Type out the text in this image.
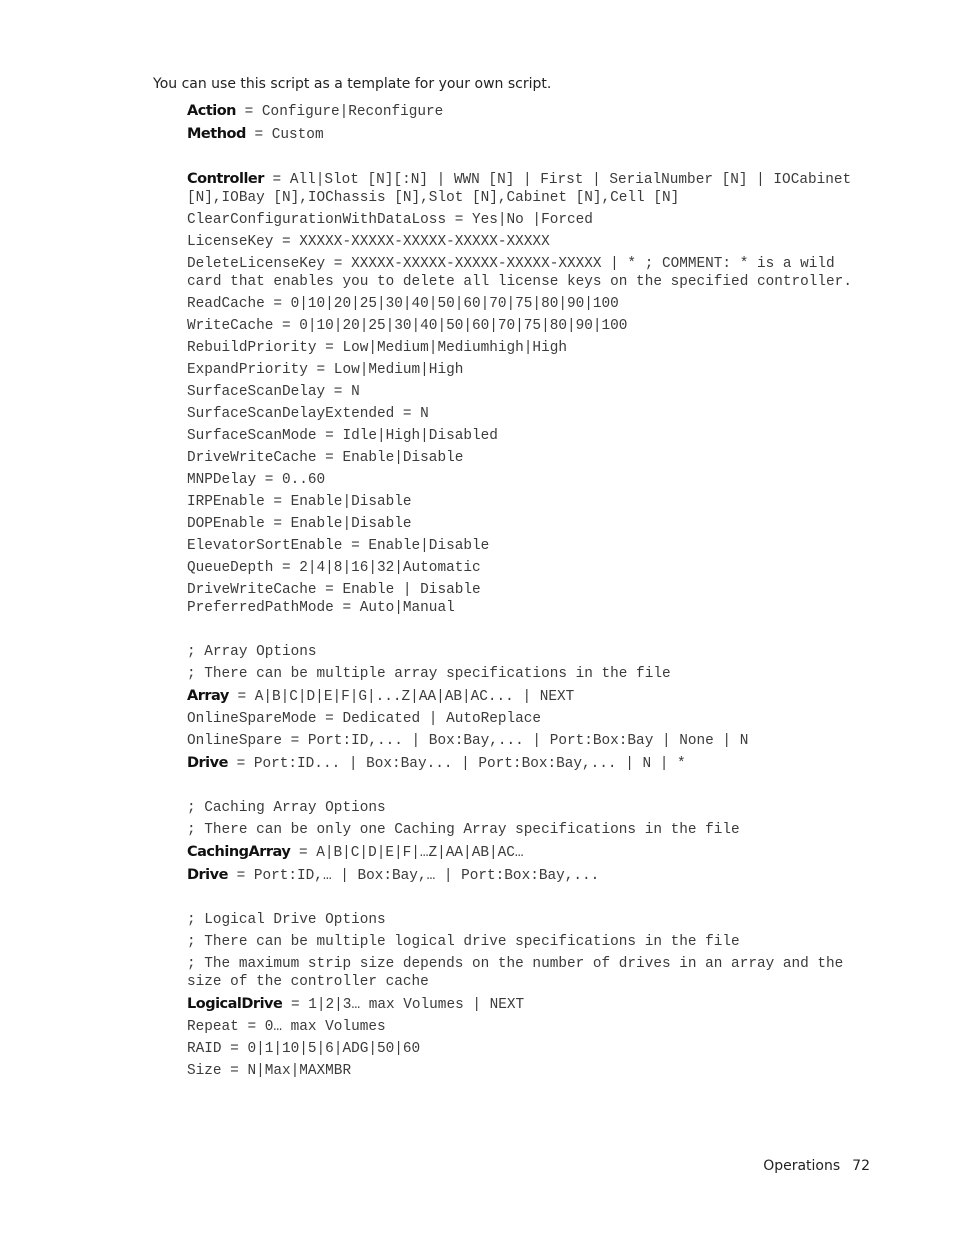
You can use this script as a template for your own script.

Action = Configure|Reconfigure

Method = Custom

Controller = All|Slot [N][:N] | WWN [N] | First | SerialNumber [N] | IOCabinet [N],IOBay [N],IOChassis [N],Slot [N],Cabinet [N],Cell [N]

ClearConfigurationWithDataLoss = Yes|No |Forced

LicenseKey = XXXXX-XXXXX-XXXXX-XXXXX-XXXXX

DeleteLicenseKey = XXXXX-XXXXX-XXXXX-XXXXX-XXXXX | * ; COMMENT: * is a wild card that enables you to delete all license keys on the specified controller.

ReadCache = 0|10|20|25|30|40|50|60|70|75|80|90|100

WriteCache = 0|10|20|25|30|40|50|60|70|75|80|90|100

RebuildPriority = Low|Medium|Mediumhigh|High

ExpandPriority = Low|Medium|High

SurfaceScanDelay = N

SurfaceScanDelayExtended = N

SurfaceScanMode = Idle|High|Disabled

DriveWriteCache = Enable|Disable

MNPDelay = 0..60

IRPEnable = Enable|Disable

DOPEnable = Enable|Disable

ElevatorSortEnable = Enable|Disable

QueueDepth = 2|4|8|16|32|Automatic

DriveWriteCache = Enable | Disable

PreferredPathMode = Auto|Manual

; Array Options

; There can be multiple array specifications in the file

Array = A|B|C|D|E|F|G|...Z|AA|AB|AC... | NEXT

OnlineSpareMode = Dedicated | AutoReplace

OnlineSpare = Port:ID,... | Box:Bay,... | Port:Box:Bay | None | N

Drive = Port:ID... | Box:Bay... | Port:Box:Bay,... | N | *

; Caching Array Options

; There can be only one Caching Array specifications in the file

CachingArray = A|B|C|D|E|F|…Z|AA|AB|AC…

Drive = Port:ID,… | Box:Bay,… | Port:Box:Bay,...

; Logical Drive Options

; There can be multiple logical drive specifications in the file

; The maximum strip size depends on the number of drives in an array and the size of the controller cache

LogicalDrive = 1|2|3… max Volumes | NEXT

Repeat = 0… max Volumes

RAID = 0|1|10|5|6|ADG|50|60

Size = N|Max|MAXMBR

Operations 72
